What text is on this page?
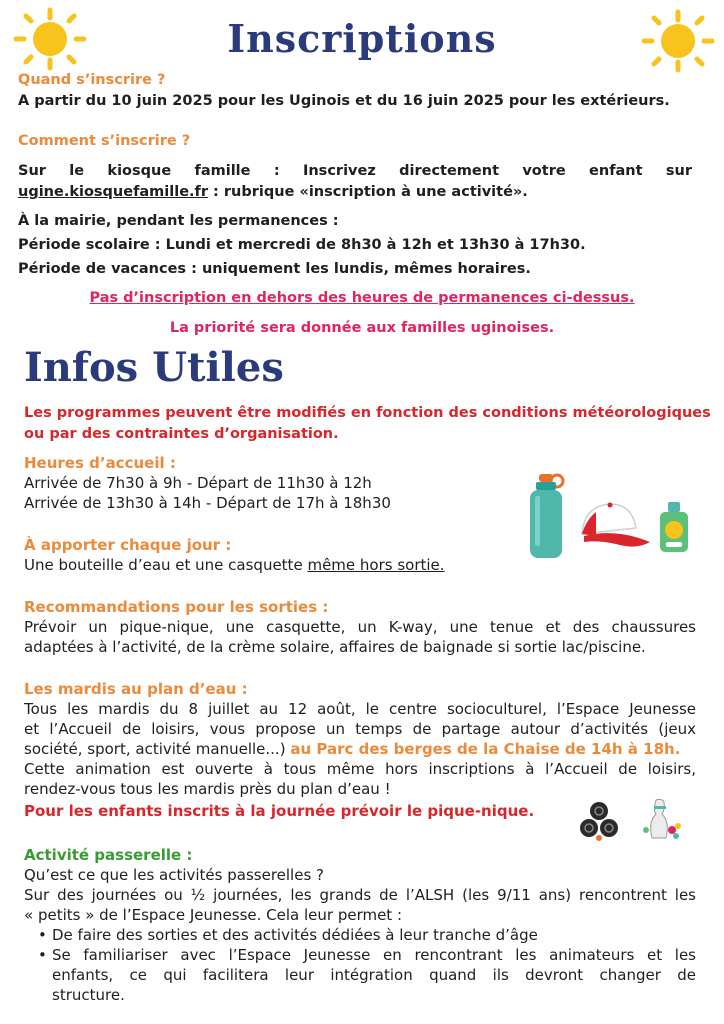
Inscriptions
Quand s’inscrire ?
A partir du 10 juin 2025 pour les Uginois et du 16 juin 2025 pour les extérieurs.
Comment s’inscrire ?
Sur le kiosque famille : Inscrivez directement votre enfant sur
ugine.kiosquefamille.fr : rubrique «inscription à une activité».
À la mairie, pendant les permanences :
Période scolaire : Lundi et mercredi de 8h30 à 12h et 13h30 à 17h30.
Période de vacances : uniquement les lundis, mêmes horaires.
Pas d’inscription en dehors des heures de permanences ci-dessus.
La priorité sera donnée aux familles uginoises.
Infos Utiles
Les programmes peuvent être modifiés en fonction des conditions météorologiques
ou par des contraintes d’organisation.
Heures d’accueil :
Arrivée de 7h30 à 9h - Départ de 11h30 à 12h
Arrivée de 13h30 à 14h - Départ de 17h à 18h30
À apporter chaque jour :
Une bouteille d’eau et une casquette même hors sortie.
Recommandations pour les sorties :
Prévoir un pique-nique, une casquette, un K-way, une tenue et des chaussures
adaptées à l’activité, de la crème solaire, affaires de baignade si sortie lac/piscine.
Les mardis au plan d’eau :
Tous les mardis du 8 juillet au 12 août, le centre socioculturel, l’Espace Jeunesse
et l’Accueil de loisirs, vous propose un temps de partage autour d’activités (jeux
société, sport, activité manuelle...) au Parc des berges de la Chaise de 14h à 18h.
Cette animation est ouverte à tous même hors inscriptions à l’Accueil de loisirs,
rendez-vous tous les mardis près du plan d’eau !
Pour les enfants inscrits à la journée prévoir le pique-nique.
Activité passerelle :
Qu’est ce que les activités passerelles ?
Sur des journées ou ½ journées, les grands de l’ALSH (les 9/11 ans) rencontrent les
« petits » de l’Espace Jeunesse. Cela leur permet :
• De faire des sorties et des activités dédiées à leur tranche d’âge
• Se familiariser avec l’Espace Jeunesse en rencontrant les animateurs et les
enfants, ce qui facilitera leur intégration quand ils devront changer de
structure.
